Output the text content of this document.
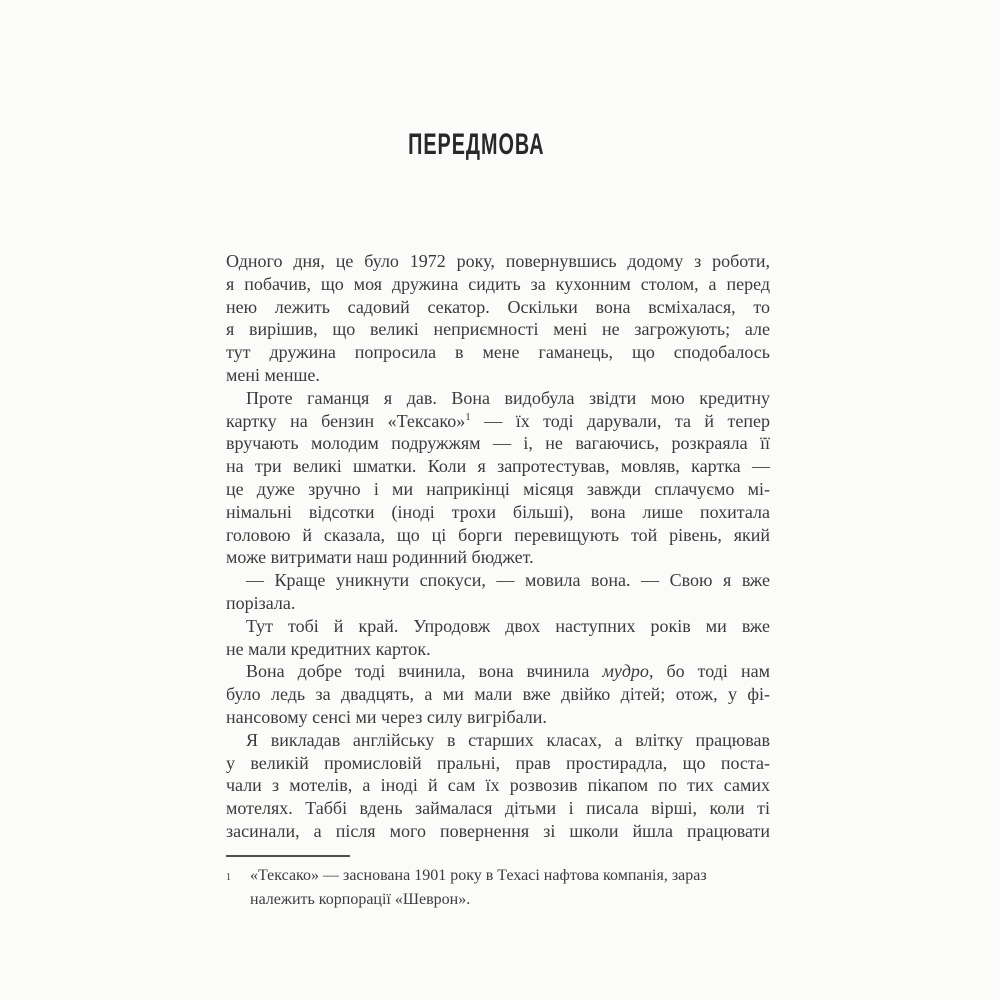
ПЕРЕДМОВА
Одного дня, це було 1972 року, повернувшись додому з роботи,
я побачив, що моя дружина сидить за кухонним столом, а перед
нею лежить садовий секатор. Оскільки вона всміхалася, то
я вирішив, що великі неприємності мені не загрожують; але
тут дружина попросила в мене гаманець, що сподобалось
мені менше.
Проте гаманця я дав. Вона видобула звідти мою кредитну
картку на бензин «Тексако»$^1$ — їх тоді дарували, та й тепер
вручають молодим подружжям — і, не вагаючись, розкраяла її
на три великі шматки. Коли я запротестував, мовляв, картка —
це дуже зручно і ми наприкінці місяця завжди сплачуємо мі-
німальні відсотки (іноді трохи більші), вона лише похитала
головою й сказала, що ці борги перевищують той рівень, який
може витримати наш родинний бюджет.
— Краще уникнути спокуси, — мовила вона. — Свою я вже
порізала.
Тут тобі й край. Упродовж двох наступних років ми вже
не мали кредитних карток.
Вона добре тоді вчинила, вона вчинила мудро, бо тоді нам
було ледь за двадцять, а ми мали вже двійко дітей; отож, у фі-
нансовому сенсі ми через силу вигрібали.
Я викладав англійську в старших класах, а влітку працював
у великій промисловій пральні, прав простирадла, що поста-
чали з мотелів, а іноді й сам їх розвозив пікапом по тих самих
мотелях. Таббі вдень займалася дітьми і писала вірші, коли ті
засинали, а після мого повернення зі школи йшла працювати
1	«Тексако» — заснована 1901 року в Техасі нафтова компанія, зараз
належить корпорації «Шеврон».
